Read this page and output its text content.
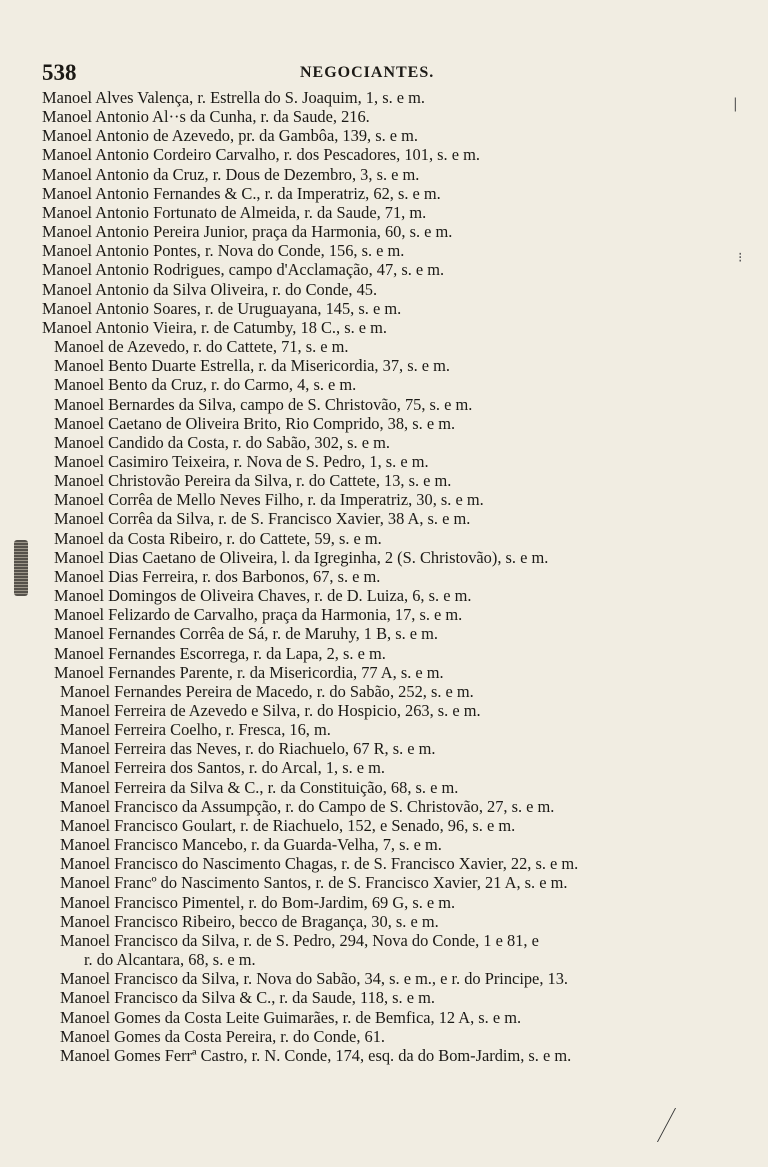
538	NEGOCIANTES.
|
⁝
Manoel Alves Valença, r. Estrella do S. Joaquim, 1, s. e m.
Manoel Antonio Al··s da Cunha, r. da Saude, 216.
Manoel Antonio de Azevedo, pr. da Gambôa, 139, s. e m.
Manoel Antonio Cordeiro Carvalho, r. dos Pescadores, 101, s. e m.
Manoel Antonio da Cruz, r. Dous de Dezembro, 3, s. e m.
Manoel Antonio Fernandes & C., r. da Imperatriz, 62, s. e m.
Manoel Antonio Fortunato de Almeida, r. da Saude, 71, m.
Manoel Antonio Pereira Junior, praça da Harmonia, 60, s. e m.
Manoel Antonio Pontes, r. Nova do Conde, 156, s. e m.
Manoel Antonio Rodrigues, campo d'Acclamação, 47, s. e m.
Manoel Antonio da Silva Oliveira, r. do Conde, 45.
Manoel Antonio Soares, r. de Uruguayana, 145, s. e m.
Manoel Antonio Vieira, r. de Catumby, 18 C., s. e m.
Manoel de Azevedo, r. do Cattete, 71, s. e m.
Manoel Bento Duarte Estrella, r. da Misericordia, 37, s. e m.
Manoel Bento da Cruz, r. do Carmo, 4, s. e m.
Manoel Bernardes da Silva, campo de S. Christovão, 75, s. e m.
Manoel Caetano de Oliveira Brito, Rio Comprido, 38, s. e m.
Manoel Candido da Costa, r. do Sabão, 302, s. e m.
Manoel Casimiro Teixeira, r. Nova de S. Pedro, 1, s. e m.
Manoel Christovão Pereira da Silva, r. do Cattete, 13, s. e m.
Manoel Corrêa de Mello Neves Filho, r. da Imperatriz, 30, s. e m.
Manoel Corrêa da Silva, r. de S. Francisco Xavier, 38 A, s. e m.
Manoel da Costa Ribeiro, r. do Cattete, 59, s. e m.
Manoel Dias Caetano de Oliveira, l. da Igreginha, 2 (S. Christovão), s. e m.
Manoel Dias Ferreira, r. dos Barbonos, 67, s. e m.
Manoel Domingos de Oliveira Chaves, r. de D. Luiza, 6, s. e m.
Manoel Felizardo de Carvalho, praça da Harmonia, 17, s. e m.
Manoel Fernandes Corrêa de Sá, r. de Maruhy, 1 B, s. e m.
Manoel Fernandes Escorrega, r. da Lapa, 2, s. e m.
Manoel Fernandes Parente, r. da Misericordia, 77 A, s. e m.
Manoel Fernandes Pereira de Macedo, r. do Sabão, 252, s. e m.
Manoel Ferreira de Azevedo e Silva, r. do Hospicio, 263, s. e m.
Manoel Ferreira Coelho, r. Fresca, 16, m.
Manoel Ferreira das Neves, r. do Riachuelo, 67 R, s. e m.
Manoel Ferreira dos Santos, r. do Arcal, 1, s. e m.
Manoel Ferreira da Silva & C., r. da Constituição, 68, s. e m.
Manoel Francisco da Assumpção, r. do Campo de S. Christovão, 27, s. e m.
Manoel Francisco Goulart, r. de Riachuelo, 152, e Senado, 96, s. e m.
Manoel Francisco Mancebo, r. da Guarda-Velha, 7, s. e m.
Manoel Francisco do Nascimento Chagas, r. de S. Francisco Xavier, 22, s. e m.
Manoel Francº do Nascimento Santos, r. de S. Francisco Xavier, 21 A, s. e m.
Manoel Francisco Pimentel, r. do Bom-Jardim, 69 G, s. e m.
Manoel Francisco Ribeiro, becco de Bragança, 30, s. e m.
Manoel Francisco da Silva, r. de S. Pedro, 294, Nova do Conde, 1 e 81, e
r. do Alcantara, 68, s. e m.
Manoel Francisco da Silva, r. Nova do Sabão, 34, s. e m., e r. do Principe, 13.
Manoel Francisco da Silva & C., r. da Saude, 118, s. e m.
Manoel Gomes da Costa Leite Guimarães, r. de Bemfica, 12 A, s. e m.
Manoel Gomes da Costa Pereira, r. do Conde, 61.
Manoel Gomes Ferrª Castro, r. N. Conde, 174, esq. da do Bom-Jardim, s. e m.
